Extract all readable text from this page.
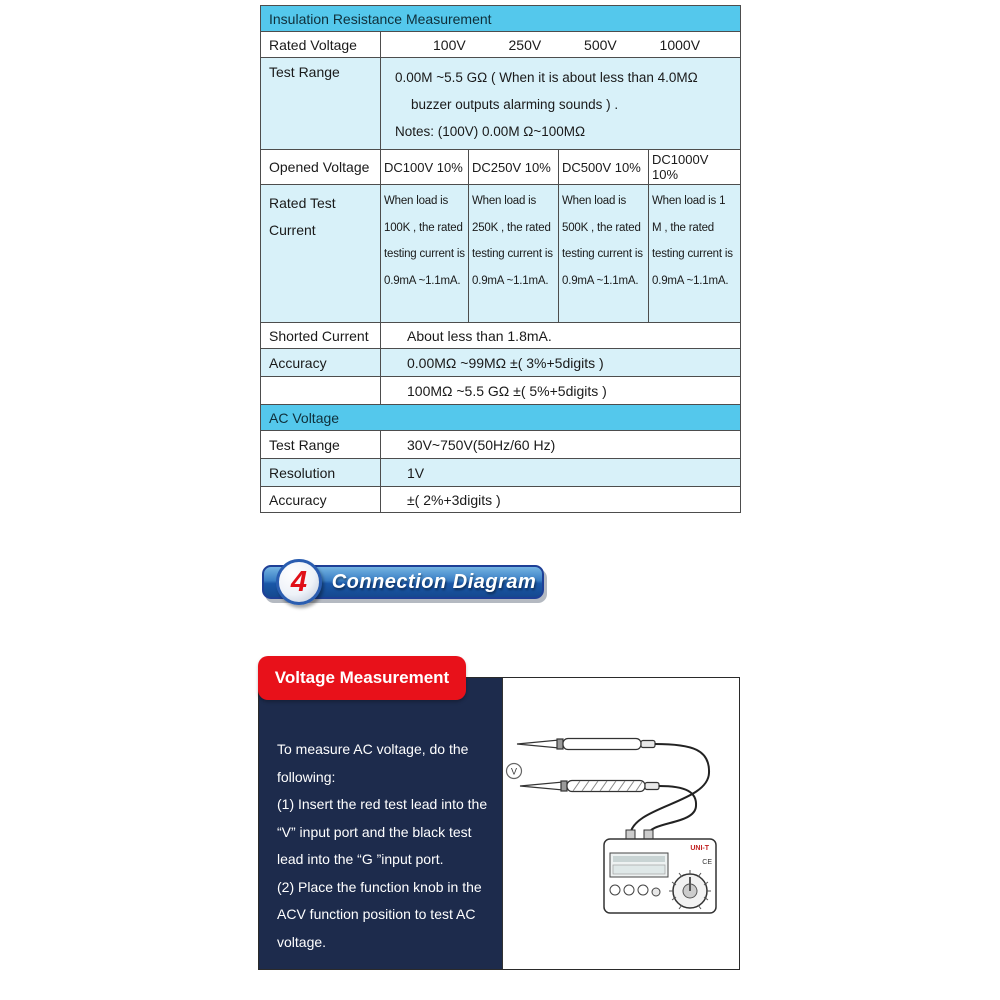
Insulation Resistance Measurement				
Rated Voltage	100V 250V 500V 1000V			

Test Range	0.00M ~5.5 GΩ ( When it is about less than 4.0MΩ
buzzer outputs alarming sounds ) .
Notes: (100V) 0.00M Ω~100MΩ			

Opened Voltage	DC100V 10%	DC250V 10%	DC500V 10%	DC1000V 10%
Rated Test Current	When load is 100K , the rated testing current is 0.9mA ~1.1mA.	When load is 250K , the rated testing current is 0.9mA ~1.1mA.	When load is 500K , the rated testing current is 0.9mA ~1.1mA.	When load is 1 M , the rated testing current is 0.9mA ~1.1mA.
Shorted Current	About less than 1.8mA.			
Accuracy	0.00MΩ ~99MΩ ±( 3%+5digits )			
	100MΩ ~5.5 GΩ ±( 5%+5digits )			
AC Voltage				
Test Range	30V~750V(50Hz/60 Hz)			
Resolution	1V			
Accuracy	±( 2%+3digits )			
Connection Diagram
4
Voltage Measurement
To measure AC voltage, do the following:
(1) Insert the red test lead into the “V” input port and the black test lead into the “G ”input port.
(2) Place the function knob in the ACV function position to test AC voltage.
V
UNI-T
CE
